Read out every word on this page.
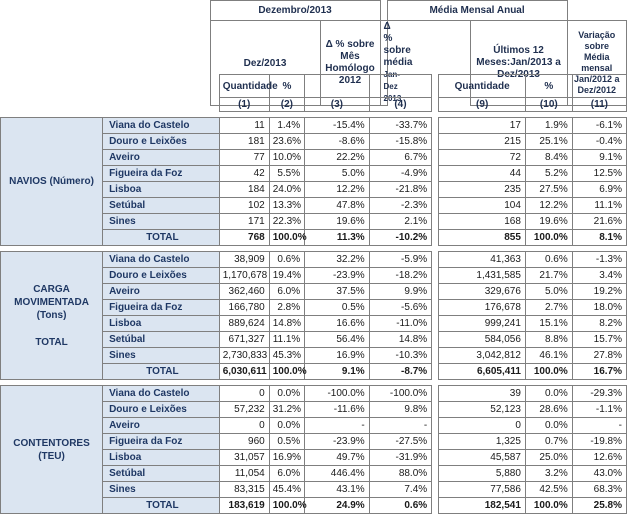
	Dezembro/2013			Média Mensal Anual		
	Dez/2013	Δ % sobre Mês Homólogo 2012	Δ % sobre média
Jan-Dez 2013		Últimos 12 Meses:Jan/2013 a Dez/2013	Variação sobre Média mensal Jan/2012 a Dez/2012
		Quantidade	%				Quantidade	%	
		(1)	(2)	(3)	(4)		(9)	(10)	(11)

NAVIOS (Número)	Viana do Castelo	11	1.4%	-15.4%	-33.7%		17	1.9%	-6.1%
	Douro e Leixões	181	23.6%	-8.6%	-15.8%		215	25.1%	-0.4%
	Aveiro	77	10.0%	22.2%	6.7%		72	8.4%	9.1%
	Figueira da Foz	42	5.5%	5.0%	-4.9%		44	5.2%	12.5%
	Lisboa	184	24.0%	12.2%	-21.8%		235	27.5%	6.9%
	Setúbal	102	13.3%	47.8%	-2.3%		104	12.2%	11.1%
	Sines	171	22.3%	19.6%	2.1%		168	19.6%	21.6%
	TOTAL	768	100.0%	11.3%	-10.2%		855	100.0%	8.1%

CARGA MOVIMENTADA (Tons)
TOTAL	Viana do Castelo	38,909	0.6%	32.2%	-5.9%		41,363	0.6%	-1.3%
	Douro e Leixões	1,170,678	19.4%	-23.9%	-18.2%		1,431,585	21.7%	3.4%
	Aveiro	362,460	6.0%	37.5%	9.9%		329,676	5.0%	19.2%
	Figueira da Foz	166,780	2.8%	0.5%	-5.6%		176,678	2.7%	18.0%
	Lisboa	889,624	14.8%	16.6%	-11.0%		999,241	15.1%	8.2%
	Setúbal	671,327	11.1%	56.4%	14.8%		584,056	8.8%	15.7%
	Sines	2,730,833	45.3%	16.9%	-10.3%		3,042,812	46.1%	27.8%
	TOTAL	6,030,611	100.0%	9.1%	-8.7%		6,605,411	100.0%	16.7%

CONTENTORES (TEU)	Viana do Castelo	0	0.0%	-100.0%	-100.0%		39	0.0%	-29.3%
	Douro e Leixões	57,232	31.2%	-11.6%	9.8%		52,123	28.6%	-1.1%
	Aveiro	0	0.0%	-	-		0	0.0%	-
	Figueira da Foz	960	0.5%	-23.9%	-27.5%		1,325	0.7%	-19.8%
	Lisboa	31,057	16.9%	49.7%	-31.9%		45,587	25.0%	12.6%
	Setúbal	11,054	6.0%	446.4%	88.0%		5,880	3.2%	43.0%
	Sines	83,315	45.4%	43.1%	7.4%		77,586	42.5%	68.3%
	TOTAL	183,619	100.0%	24.9%	0.6%		182,541	100.0%	25.8%
